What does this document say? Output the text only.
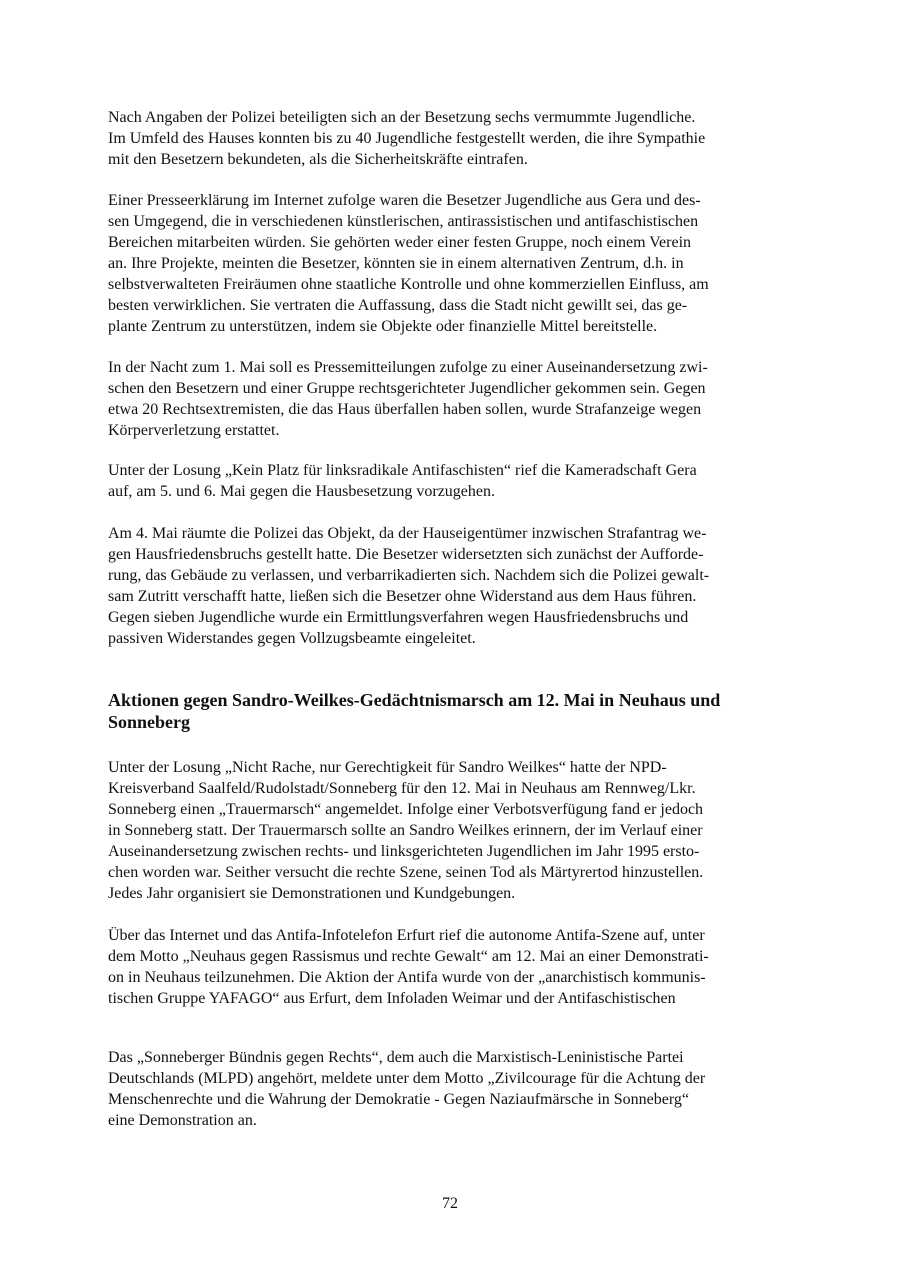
Nach Angaben der Polizei beteiligten sich an der Besetzung sechs vermummte Jugendliche.
Im Umfeld des Hauses konnten bis zu 40 Jugendliche festgestellt werden, die ihre Sympathie
mit den Besetzern bekundeten, als die Sicherheitskräfte eintrafen.
Einer Presseerklärung im Internet zufolge waren die Besetzer Jugendliche aus Gera und des-
sen Umgegend, die in verschiedenen künstlerischen, antirassistischen und antifaschistischen
Bereichen mitarbeiten würden. Sie gehörten weder einer festen Gruppe, noch einem Verein
an. Ihre Projekte, meinten die Besetzer, könnten sie in einem alternativen Zentrum, d.h. in
selbstverwalteten Freiräumen ohne staatliche Kontrolle und ohne kommerziellen Einfluss, am
besten verwirklichen. Sie vertraten die Auffassung, dass die Stadt nicht gewillt sei, das ge-
plante Zentrum zu unterstützen, indem sie Objekte oder finanzielle Mittel bereitstelle.
In der Nacht zum 1. Mai soll es Pressemitteilungen zufolge zu einer Auseinandersetzung zwi-
schen den Besetzern und einer Gruppe rechtsgerichteter Jugendlicher gekommen sein. Gegen
etwa 20 Rechtsextremisten, die das Haus überfallen haben sollen, wurde Strafanzeige wegen
Körperverletzung erstattet.
Unter der Losung „Kein Platz für linksradikale Antifaschisten“ rief die Kameradschaft Gera
auf, am 5. und 6. Mai gegen die Hausbesetzung vorzugehen.
Am 4. Mai räumte die Polizei das Objekt, da der Hauseigentümer inzwischen Strafantrag we-
gen Hausfriedensbruchs gestellt hatte. Die Besetzer widersetzten sich zunächst der Aufforde-
rung, das Gebäude zu verlassen, und verbarrikadierten sich. Nachdem sich die Polizei gewalt-
sam Zutritt verschafft hatte, ließen sich die Besetzer ohne Widerstand aus dem Haus führen.
Gegen sieben Jugendliche wurde ein Ermittlungsverfahren wegen Hausfriedensbruchs und
passiven Widerstandes gegen Vollzugsbeamte eingeleitet.
Unter der Losung „Nicht Rache, nur Gerechtigkeit für Sandro Weilkes“ hatte der NPD-
Kreisverband Saalfeld/Rudolstadt/Sonneberg für den 12. Mai in Neuhaus am Rennweg/Lkr.
Sonneberg einen „Trauermarsch“ angemeldet. Infolge einer Verbotsverfügung fand er jedoch
in Sonneberg statt. Der Trauermarsch sollte an Sandro Weilkes erinnern, der im Verlauf einer
Auseinandersetzung zwischen rechts- und linksgerichteten Jugendlichen im Jahr 1995 ersto-
chen worden war. Seither versucht die rechte Szene, seinen Tod als Märtyrertod hinzustellen.
Jedes Jahr organisiert sie Demonstrationen und Kundgebungen.
Über das Internet und das Antifa-Infotelefon Erfurt rief die autonome Antifa-Szene auf, unter
dem Motto „Neuhaus gegen Rassismus und rechte Gewalt“ am 12. Mai an einer Demonstrati-
on in Neuhaus teilzunehmen. Die Aktion der Antifa wurde von der „anarchistisch kommunis-
tischen Gruppe YAFAGO“ aus Erfurt, dem Infoladen Weimar und der Antifaschistischen
Das „Sonneberger Bündnis gegen Rechts“, dem auch die Marxistisch-Leninistische Partei
Deutschlands (MLPD) angehört, meldete unter dem Motto „Zivilcourage für die Achtung der
Menschenrechte und die Wahrung der Demokratie - Gegen Naziaufmärsche in Sonneberg“
eine Demonstration an.
Aktionen gegen Sandro-Weilkes-Gedächtnismarsch am 12. Mai in Neuhaus und
Sonneberg
72
